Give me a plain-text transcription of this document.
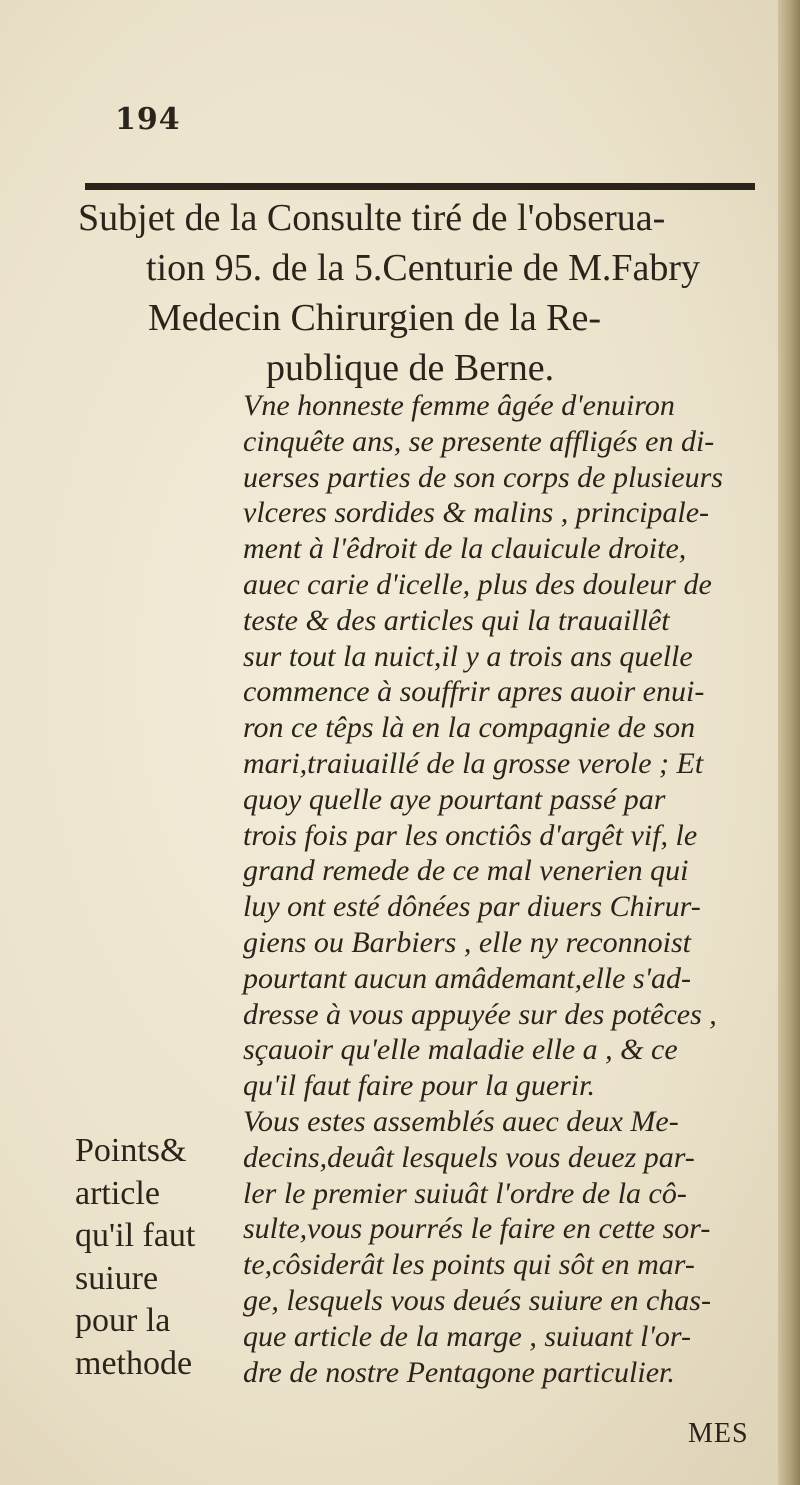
194
Subjet de la Consulte tiré de l'obserua-
tion 95. de la 5.Centurie de M.Fabry
Medecin Chirurgien de la Re-
publique de Berne.
Vne honneste femme âgée d'enuiron
cinquête ans, se presente affligés en di-
uerses parties de son corps de plusieurs
vlceres sordides & malins , principale-
ment à l'êdroit de la clauicule droite,
auec carie d'icelle, plus des douleur de
teste & des articles qui la trauaillêt
sur tout la nuict,il y a trois ans quelle
commence à souffrir apres auoir enui-
ron ce têps là en la compagnie de son
mari,traiuaillé de la grosse verole ; Et
quoy quelle aye pourtant passé par
trois fois par les onctiôs d'argêt vif, le
grand remede de ce mal venerien qui
luy ont esté dônées par diuers Chirur-
giens ou Barbiers , elle ny reconnoist
pourtant aucun amâdemant,elle s'ad-
dresse à vous appuyée sur des potêces ,
sçauoir qu'elle maladie elle a , & ce
qu'il faut faire pour la guerir.
Vous estes assemblés auec deux Me-
decins,deuât lesquels vous deuez par-
ler le premier suiuât l'ordre de la cô-
sulte,vous pourrés le faire en cette sor-
te,côsiderât les points qui sôt en mar-
ge, lesquels vous deués suiure en chas-
que article de la marge , suiuant l'or-
dre de nostre Pentagone particulier.
Points&
article
qu'il faut
suiure
pour la
methode
MES
